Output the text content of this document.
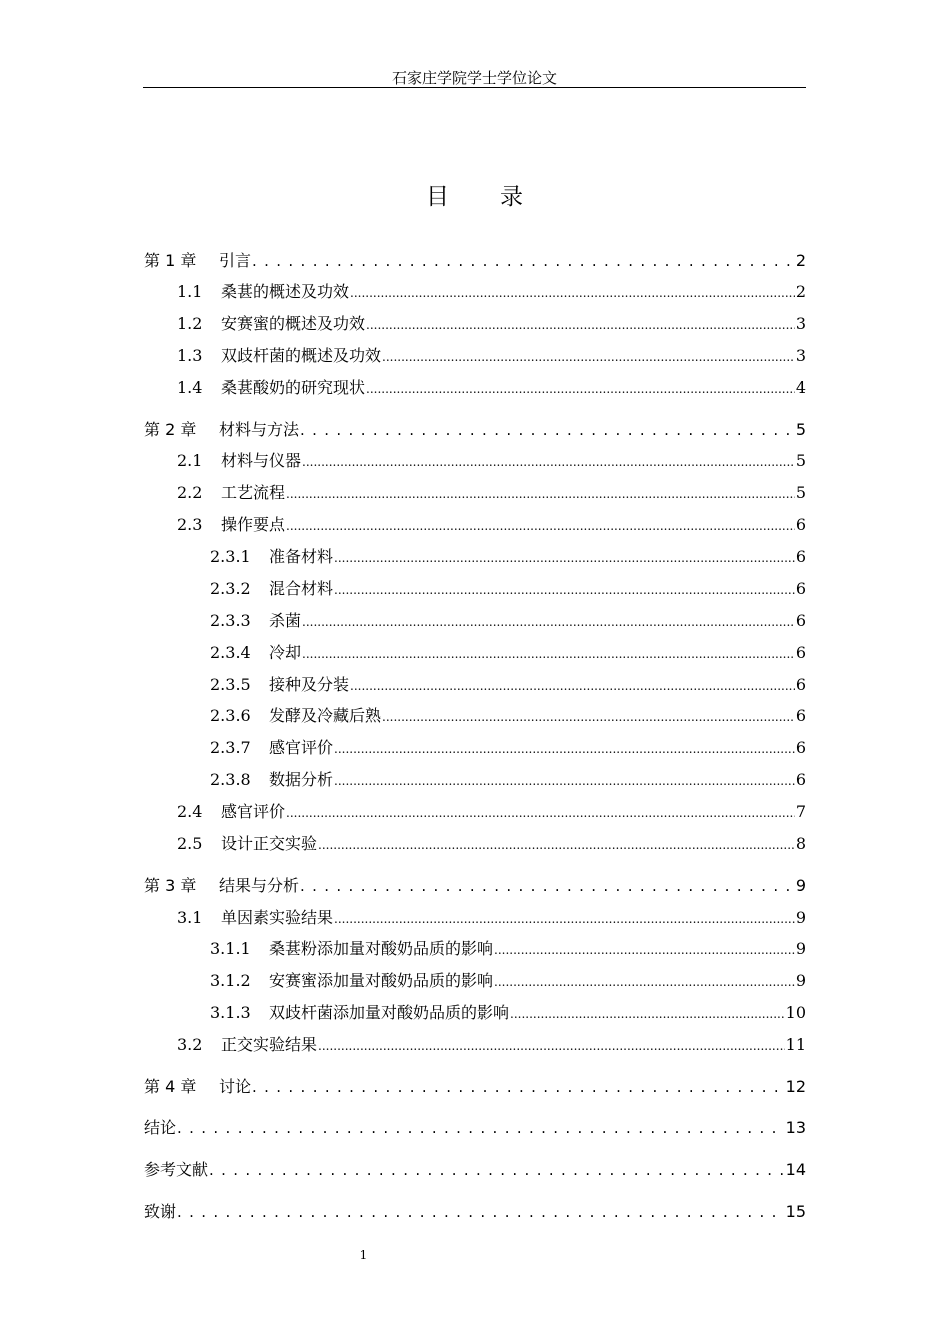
石家庄学院学士学位论文
目 录
第 1 章	引言 . . .	2
1.1	桑葚的概述及功效 .....	2
1.2	安赛蜜的概述及功效 .....	3
1.3	双歧杆菌的概述及功效 .....	3
1.4	桑葚酸奶的研究现状 .....	4
第 2 章	材料与方法 . . .	5
2.1	材料与仪器 .....	5
2.2	工艺流程 .....	5
2.3	操作要点 .....	6
2.3.1	准备材料 .....	6
2.3.2	混合材料 .....	6
2.3.3	杀菌 .....	6
2.3.4	冷却 .....	6
2.3.5	接种及分装 .....	6
2.3.6	发酵及冷藏后熟 .....	6
2.3.7	感官评价 .....	6
2.3.8	数据分析 .....	6
2.4	感官评价 .....	7
2.5	设计正交实验 .....	8
第 3 章	结果与分析 . . .	9
3.1	单因素实验结果 .....	9
3.1.1	桑葚粉添加量对酸奶品质的影响 .....	9
3.1.2	安赛蜜添加量对酸奶品质的影响 .....	9
3.1.3	双歧杆菌添加量对酸奶品质的影响 .....	10
3.2	正交实验结果 .....	11
第 4 章	讨论 . . .	12
结论 . . .	13
参考文献 . . .	14
致谢 . . .	15
1
